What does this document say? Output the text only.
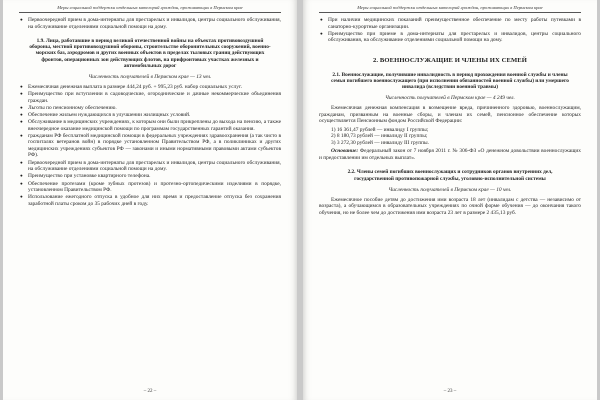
Меры социальной поддержки отдельных категорий граждан, проживающих в Пермском крае
● Первоочередной прием в дома-интернаты для престарелых и инвалидов, центры социального обслуживания, на обслуживание отделениями социальной помощи на дому.
1.9. Лица, работавшие в период великой отечественной войны на объектах противовоздушной обороны, местной противовоздушной обороны, строительстве оборонительных сооружений, военно-морских баз, аэродромов и других военных объектов в пределах тыловых границ действующих фронтов, операционных зон действующих флотов, на прифронтовых участках железных и автомобильных дорог
Численность получателей в Пермском крае — 13 чел.
● Ежемесячная денежная выплата в размере 444,24 руб. + 995,23 руб. набор социальных услуг.
● Преимущество при вступлении в садоводческие, огороднические и дачные некоммерческие объединения граждан.
● Льготы по пенсионному обеспечению.
● Обеспечение жильем нуждающихся в улучшении жилищных условий.
● Обслуживание в медицинских учреждениях, к которым они были прикреплены до выхода на пенсию, а также внеочередное оказание медицинской помощи по программам государственных гарантий оказания.
● гражданам РФ бесплатной медицинской помощи в федеральных учреждениях здравоохранения (а так чисто в госпиталях ветеранов войн) в порядке установленном Правительством РФ, а в поликлиниках и других медицинских учреждениях субъектов РФ — законами и иными нормативными правовыми актами субъектов РФ).
● Первоочередной прием в дома-интернаты для престарелых и инвалидов, центры социального обслуживания, на обслуживание отделениями социальной помощи на дому.
● Преимущество при установке квартирного телефона.
● Обеспечение протезами (кроме зубных протезов) и протезно-ортопедическими изделиями в порядке, установленном Правительством РФ.
● Использование ежегодного отпуска в удобное для них время и предоставление отпуска без сохранения заработной платы сроком до 35 рабочих дней в году.
– 22 –
Меры социальной поддержки отдельных категорий граждан, проживающих в Пермском крае
● При наличии медицинских показаний преимущественное обеспечение по месту работы путевками в санаторно-курортные организации.
● Преимущество при приеме в дома-интернаты для престарелых и инвалидов, центры социального обслуживания, на обслуживание отделениями социальной помощи на дому.
2. ВОЕННОСЛУЖАЩИЕ И ЧЛЕНЫ ИХ СЕМЕЙ
2.1. Военнослужащие, получившие инвалидность в период прохождения военной службы и члены семьи погибшего военнослужащего (при исполнении обязанностей военной службы) или умершего инвалида (вследствии военной травмы)
Численность получателей в Пермском крае — 4 249 чел.

Ежемесячная денежная компенсация в возмещение вреда, причиненного здоровью, военнослужащим, гражданам, призванным на военные сборы, и членам их семей, пенсионное обеспечение которых осуществляется Пенсионным фондом Российской Федерации:

1) 16 361,47 рублей — инвалиду I группы;
2) 8 180,73 рублей — инвалиду II группы;
3) 3 272,30 рублей — инвалиду III группы.

Основание: Федеральный закон от 7 ноября 2011 г. № 306-ФЗ «О денежном довольствии военнослужащих и предоставлении им отдельных выплат».

2.2. Члены семей погибших военнослужащих и сотрудников органов внутренних дел, государственной противопожарной службы, уголовно-исполнительной системы
Численность получателей в Пермском крае — 10 чел.

Ежемесячное пособие детям до достижения ими возраста 18 лет (инвалидам с детства — независимо от возраста), а обучающимся в образовательных учреждениях по очной форме обучения — до окончания такого обучения, но не более чем до достижения ими возраста 23 лет в размере 2 435,13 руб.

– 23 –
